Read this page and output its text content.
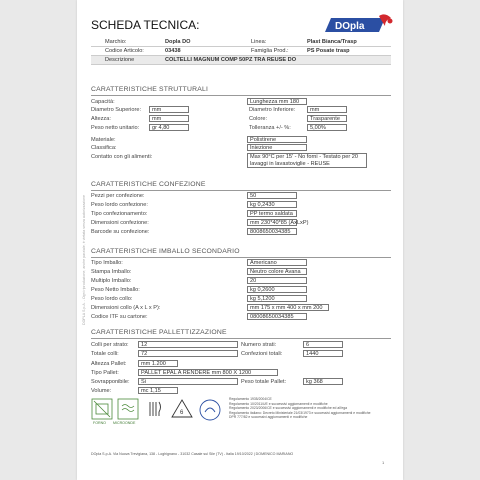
SCHEDA TECNICA:	DOpla
Marchio:	Dopla DO	Linea:	Plast Bianca/Trasp
Codice Articolo:	03438	Famiglia Prod.:	PS Posate trasp
Descrizione	COLTELLI MAGNUM COMP 50PZ TRA REUSE DO
DOPLA S.p.A. - Ogni riproduzione, anche parziale, è vietata senza autorizzazione
CARATTERISTICHE STRUTTURALI
Capacità:	Lunghezza mm 180
Diametro Superiore:	mm	Diametro Inferiore:	mm
Altezza:	mm	Colore:	Trasparente
Peso netto unitario:	gr 4,80	Tolleranza +/- %:	5,00%
Materiale:	Polistirene
Classifica:	Iniezione
Contatto con gli alimenti:	Max 90°C per 15' - No forni - Testato per 20 lavaggi in lavastoviglie - REUSE
CARATTERISTICHE CONFEZIONE
Pezzi per confezione:	50
Peso lordo confezione:	kg 0,2430
Tipo confezionamento:	PP termo saldata
Dimensioni confezione:	mm 230*40*85 (AxLxP)
Barcode su confezione:	8008650034385
CARATTERISTICHE IMBALLO SECONDARIO
Tipo Imballo:	Americano
Stampa Imballo:	Neutro colore Avana
Multiplo Imballo:	20
Peso Netto Imballo:	kg 0,2600
Peso lordo collo:	kg 5,1200
Dimensioni collo (A x L x P):	mm 175 x mm 400 x mm 200
Codice ITF su cartone:	08008650034385
CARATTERISTICHE PALLETTIZZAZIONE
Colli per strato:	12	Numero strati:	6
Totale colli:	72	Confezioni totali:	1440
Altezza Pallet:	mm 1.200
Tipo Pallet:	PALLET EPAL A RENDERE mm 800 X 1200
Sovrapponibile:	Si	Peso totale Pallet:	kg 368
Volume:	mc 1,15
FORNO MICROONDE
6
Regolamento 1935/2004/CE
Regolamento 10/2011/UE e successivi aggiornamenti e modifiche
Regolamento 2023/2006/CE e successivi aggiornamenti e modifiche ed all'ega
Regolamento italiano: Decreto Ministeriale 21/03/1973 e successivi aggiornamenti e modifiche
DPR 777/82 e successivi aggiornamenti e modifiche
DOpla S.p.A. Via Nuova Trevigiana, 138 - Loghignano - 31032 Casale sul Sile (TV) - Italia 19/10/2022 | DOMENICO MARIANO
1
